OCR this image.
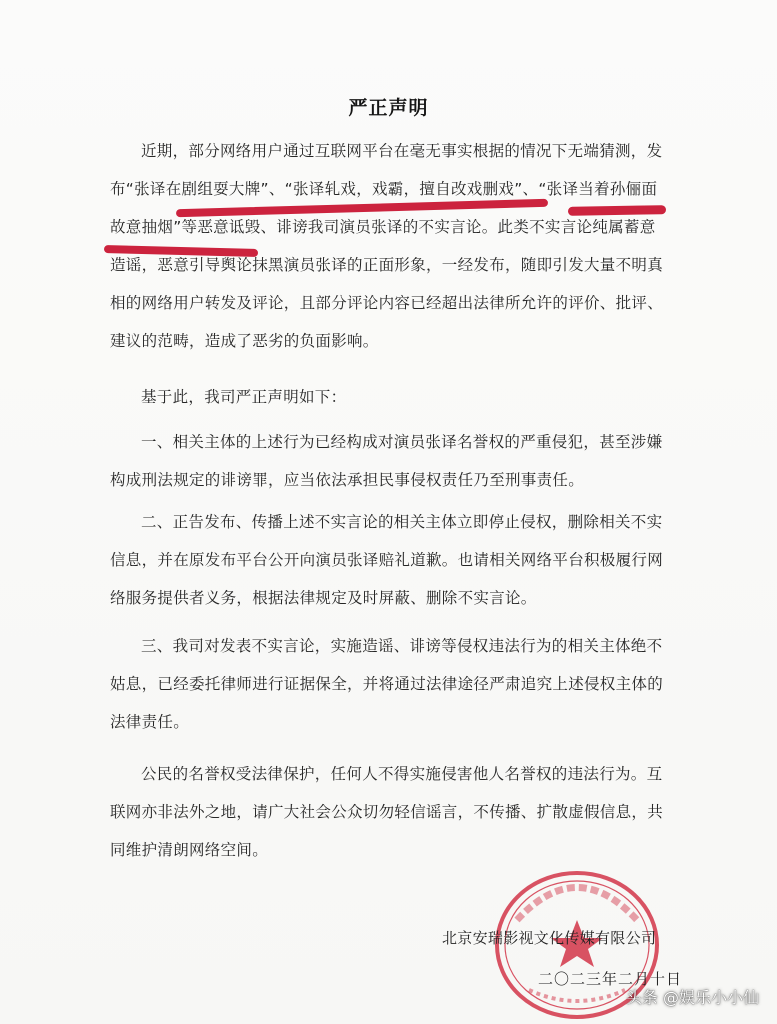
严正声明
近期，部分网络用户通过互联网平台在毫无事实根据的情况下无端猜测，发
布“张译在剧组耍大牌”、“张译轧戏，戏霸，擅自改戏删戏”、“张译当着孙俪面
故意抽烟”等恶意诋毁、诽谤我司演员张译的不实言论。此类不实言论纯属蓄意
造谣，恶意引导舆论抹黑演员张译的正面形象，一经发布，随即引发大量不明真
相的网络用户转发及评论，且部分评论内容已经超出法律所允许的评价、批评、
建议的范畴，造成了恶劣的负面影响。
基于此，我司严正声明如下：
一、相关主体的上述行为已经构成对演员张译名誉权的严重侵犯，甚至涉嫌
构成刑法规定的诽谤罪，应当依法承担民事侵权责任乃至刑事责任。
二、正告发布、传播上述不实言论的相关主体立即停止侵权，删除相关不实
信息，并在原发布平台公开向演员张译赔礼道歉。也请相关网络平台积极履行网
络服务提供者义务，根据法律规定及时屏蔽、删除不实言论。
三、我司对发表不实言论，实施造谣、诽谤等侵权违法行为的相关主体绝不
姑息，已经委托律师进行证据保全，并将通过法律途径严肃追究上述侵权主体的
法律责任。
公民的名誉权受法律保护，任何人不得实施侵害他人名誉权的违法行为。互
联网亦非法外之地，请广大社会公众切勿轻信谣言，不传播、扩散虚假信息，共
同维护清朗网络空间。
北京安瑞影视文化传媒有限公司
二〇二三年二月十日
头条 @娱乐小小仙
